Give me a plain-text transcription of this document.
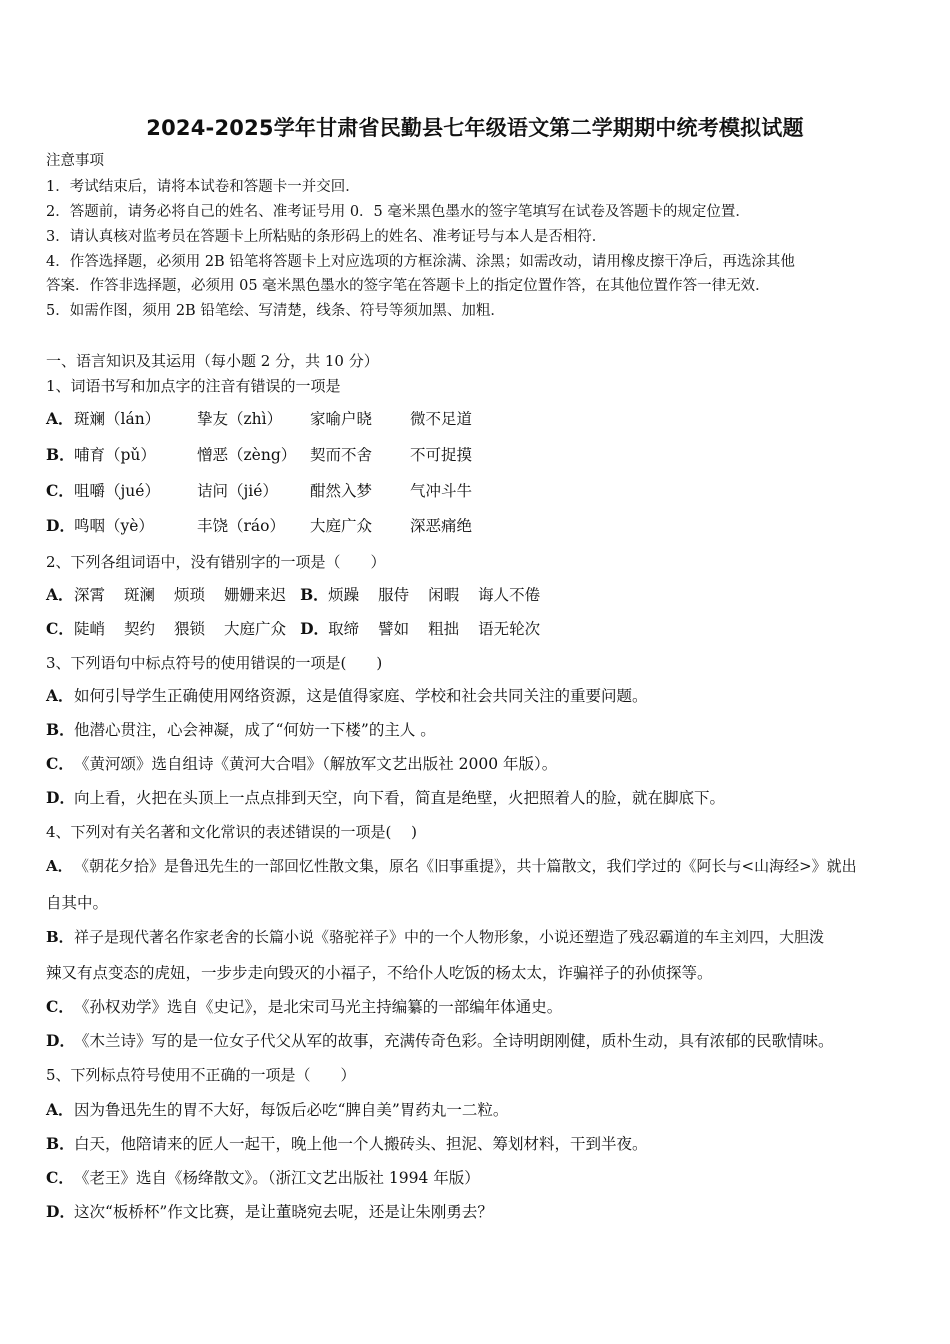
2024-2025学年甘肃省民勤县七年级语文第二学期期中统考模拟试题
注意事项
1．考试结束后，请将本试卷和答题卡一并交回．
2．答题前，请务必将自己的姓名、准考证号用 0．5 毫米黑色墨水的签字笔填写在试卷及答题卡的规定位置．
3．请认真核对监考员在答题卡上所粘贴的条形码上的姓名、准考证号与本人是否相符．
4．作答选择题，必须用 2B 铅笔将答题卡上对应选项的方框涂满、涂黑；如需改动，请用橡皮擦干净后，再选涂其他
答案．作答非选择题，必须用 05 毫米黑色墨水的签字笔在答题卡上的指定位置作答，在其他位置作答一律无效．
5．如需作图，须用 2B 铅笔绘、写清楚，线条、符号等须加黑、加粗．
一、语言知识及其运用（每小题 2 分，共 10 分）
1、词语书写和加点字的注音有错误的一项是
A．斑斓（lán） 挚友（zhì） 家喻户晓 微不足道
B．哺育（pǔ）	憎恶（zèng） 契而不舍 不可捉摸
C．咀嚼（jué） 诘问（jié） 酣然入梦 气冲斗牛
D．鸣咽（yè）	丰饶（ráo） 大庭广众 深恶痛绝
2、下列各组词语中，没有错别字的一项是（　　）
A．深霄 斑澜 烦琐 姗姗来迟 B．烦躁 服侍 闲暇 诲人不倦
C．陡峭 契约 猥锁 大庭广众 D．取缔 譬如 粗拙 语无轮次
3、下列语句中标点符号的使用错误的一项是(　　)
A．如何引导学生正确使用网络资源，这是值得家庭、学校和社会共同关注的重要问题。
B．他潜心贯注，心会神凝，成了“何妨一下楼”的主人 。
C．《黄河颂》选自组诗《黄河大合唱》（解放军文艺出版社 2000 年版）。
D．向上看，火把在头顶上一点点排到天空，向下看，简直是绝壁，火把照着人的脸，就在脚底下。
4、下列对有关名著和文化常识的表述错误的一项是(　 )
A．《朝花夕拾》是鲁迅先生的一部回忆性散文集，原名《旧事重提》，共十篇散文，我们学过的《阿长与<山海经>》就出
自其中。
B．祥子是现代著名作家老舍的长篇小说《骆驼祥子》中的一个人物形象，小说还塑造了残忍霸道的车主刘四，大胆泼
辣又有点变态的虎妞，一步步走向毁灭的小福子，不给仆人吃饭的杨太太，诈骗祥子的孙侦探等。
C．《孙权劝学》选自《史记》，是北宋司马光主持编纂的一部编年体通史。
D．《木兰诗》写的是一位女子代父从军的故事，充满传奇色彩。全诗明朗刚健，质朴生动，具有浓郁的民歌情味。
5、下列标点符号使用不正确的一项是（　　）
A．因为鲁迅先生的胃不大好，每饭后必吃“脾自美”胃药丸一二粒。
B．白天，他陪请来的匠人一起干，晚上他一个人搬砖头、担泥、筹划材料，干到半夜。
C．《老王》选自《杨绛散文》。（浙江文艺出版社 1994 年版）
D．这次“板桥杯”作文比赛，是让董晓宛去呢，还是让朱刚勇去？
